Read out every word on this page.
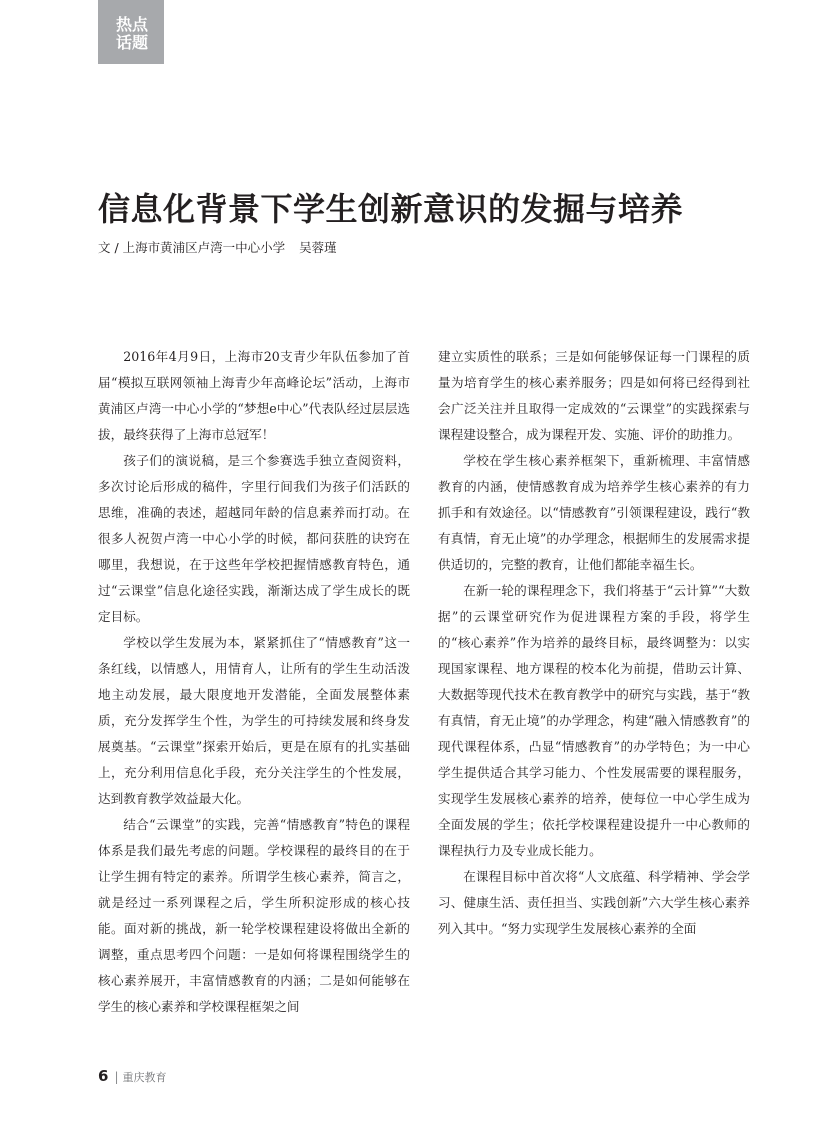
热点
话题
信息化背景下学生创新意识的发掘与培养
文 / 上海市黄浦区卢湾一中心小学 吴蓉瑾

2016年4月9日，上海市20支青少年队伍参加了首届“模拟互联网领袖上海青少年高峰论坛”活动，上海市黄浦区卢湾一中心小学的“梦想e中心”代表队经过层层选拔，最终获得了上海市总冠军！

孩子们的演说稿，是三个参赛选手独立查阅资料，多次讨论后形成的稿件，字里行间我们为孩子们活跃的思维，准确的表述，超越同年龄的信息素养而打动。在很多人祝贺卢湾一中心小学的时候，都问获胜的诀窍在哪里，我想说，在于这些年学校把握情感教育特色，通过“云课堂”信息化途径实践，渐渐达成了学生成长的既定目标。

学校以学生发展为本，紧紧抓住了“情感教育”这一条红线，以情感人，用情育人，让所有的学生生动活泼地主动发展，最大限度地开发潜能，全面发展整体素质，充分发挥学生个性，为学生的可持续发展和终身发展奠基。“云课堂”探索开始后，更是在原有的扎实基础上，充分利用信息化手段，充分关注学生的个性发展，达到教育教学效益最大化。

结合“云课堂”的实践，完善“情感教育”特色的课程体系是我们最先考虑的问题。学校课程的最终目的在于让学生拥有特定的素养。所谓学生核心素养，简言之，就是经过一系列课程之后，学生所积淀形成的核心技能。面对新的挑战，新一轮学校课程建设将做出全新的调整，重点思考四个问题：一是如何将课程围绕学生的核心素养展开，丰富情感教育的内涵；二是如何能够在学生的核心素养和学校课程框架之间

建立实质性的联系；三是如何能够保证每一门课程的质量为培育学生的核心素养服务；四是如何将已经得到社会广泛关注并且取得一定成效的“云课堂”的实践探索与课程建设整合，成为课程开发、实施、评价的助推力。

学校在学生核心素养框架下，重新梳理、丰富情感教育的内涵，使情感教育成为培养学生核心素养的有力抓手和有效途径。以“情感教育”引领课程建设，践行“教有真情，育无止境”的办学理念，根据师生的发展需求提供适切的，完整的教育，让他们都能幸福生长。

在新一轮的课程理念下，我们将基于“云计算”“大数据”的云课堂研究作为促进课程方案的手段，将学生的“核心素养”作为培养的最终目标，最终调整为：以实现国家课程、地方课程的校本化为前提，借助云计算、大数据等现代技术在教育教学中的研究与实践，基于“教有真情，育无止境”的办学理念，构建“融入情感教育”的现代课程体系，凸显“情感教育”的办学特色；为一中心学生提供适合其学习能力、个性发展需要的课程服务，实现学生发展核心素养的培养，使每位一中心学生成为全面发展的学生；依托学校课程建设提升一中心教师的课程执行力及专业成长能力。

在课程目标中首次将“人文底蕴、科学精神、学会学习、健康生活、责任担当、实践创新”六大学生核心素养列入其中。“努力实现学生发展核心素养的全面

6 | 重庆教育
